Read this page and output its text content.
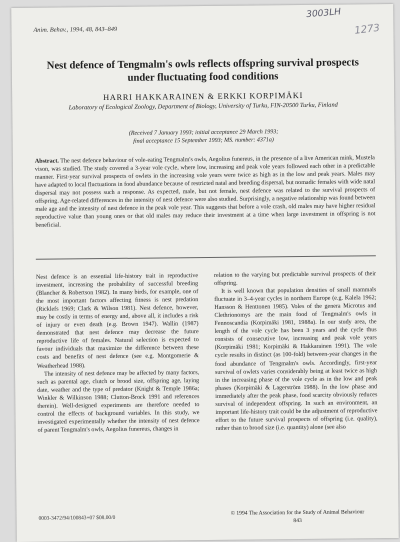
3003LH
1273
Anim. Behav., 1994, 48, 843–849
Nest defence of Tengmalm's owls reflects offspring survival prospects under fluctuating food conditions
HARRI HAKKARAINEN & ERKKI KORPIMÄKI
Laboratory of Ecological Zoology, Department of Biology, University of Turku, FIN-20500 Turku, Finland
(Received 7 January 1993; initial acceptance 29 March 1993;
final acceptance 15 September 1993; MS. number: 4371a)
Abstract. The nest defence behaviour of vole-eating Tengmalm's owls, Aegolius funereus, in the presence of a live American mink, Mustela vison, was studied. The study covered a 3-year vole cycle, where low, increasing and peak vole years followed each other in a predictable manner. First-year survival prospects of owlets in the increasing vole years were twice as high as in the low and peak years. Males may have adapted to local fluctuations in food abundance because of restricted natal and breeding dispersal, but nomadic females with wide natal dispersal may not possess such a response. As expected, male, but not female, nest defence was related to the survival prospects of offspring. Age-related differences in the intensity of nest defence were also studied. Surprisingly, a negative relationship was found between male age and the intensity of nest defence in the peak vole year. This suggests that before a vole crash, old males may have higher residual reproductive value than young ones or that old males may reduce their investment at a time when large investment in offspring is not beneficial.

Nest defence is an essential life-history trait in reproductive investment, increasing the probability of successful breeding (Blancher & Robertson 1982). In many birds, for example, one of the most important factors affecting fitness is nest predation (Ricklefs 1969; Clark & Wilson 1981). Nest defence, however, may be costly in terms of energy and, above all, it includes a risk of injury or even death (e.g. Brown 1947). Wallin (1987) demonstrated that nest defence may decrease the future reproductive life of females. Natural selection is expected to favour individuals that maximize the difference between these costs and benefits of nest defence (see e.g. Montgomerie & Weatherhead 1988).

The intensity of nest defence may be affected by many factors, such as parental age, clutch or brood size, offspring age, laying date, weather and the type of predator (Knight & Temple 1986a; Winkler & Wilkinson 1988; Clutton-Brock 1991 and references therein). Well-designed experiments are therefore needed to control the effects of background variables. In this study, we investigated experimentally whether the intensity of nest defence of parent Tengmalm's owls, Aegolius funereus, changes in

relation to the varying but predictable survival prospects of their offspring.

It is well known that population densities of small mammals fluctuate in 3–4-year cycles in northern Europe (e.g. Kalela 1962; Hansson & Henttonen 1985). Voles of the genera Microtus and Clethrionomys are the main food of Tengmalm's owls in Fennoscandia (Korpimäki 1981, 1988a). In our study area, the length of the vole cycle has been 3 years and the cycle thus consists of consecutive low, increasing and peak vole years (Korpimäki 1981; Korpimäki & Hakkarainen 1991). The vole cycle results in distinct (as 100-fold) between-year changes in the food abundance of Tengmalm's owls. Accordingly, first-year survival of owlets varies considerably being at least twice as high in the increasing phase of the vole cycle as in the low and peak phases (Korpimäki & Lagerström 1988). In the low phase and immediately after the peak phase, food scarcity obviously reduces survival of independent offspring. In such an environment, an important life-history trait could be the adjustment of reproductive effort to the future survival prospects of offspring (i.e. quality), rather than to brood size (i.e. quantity) alone (see also

0003-3472/94/100843+07 $08.00/0
© 1994 The Association for the Study of Animal Behaviour
843
